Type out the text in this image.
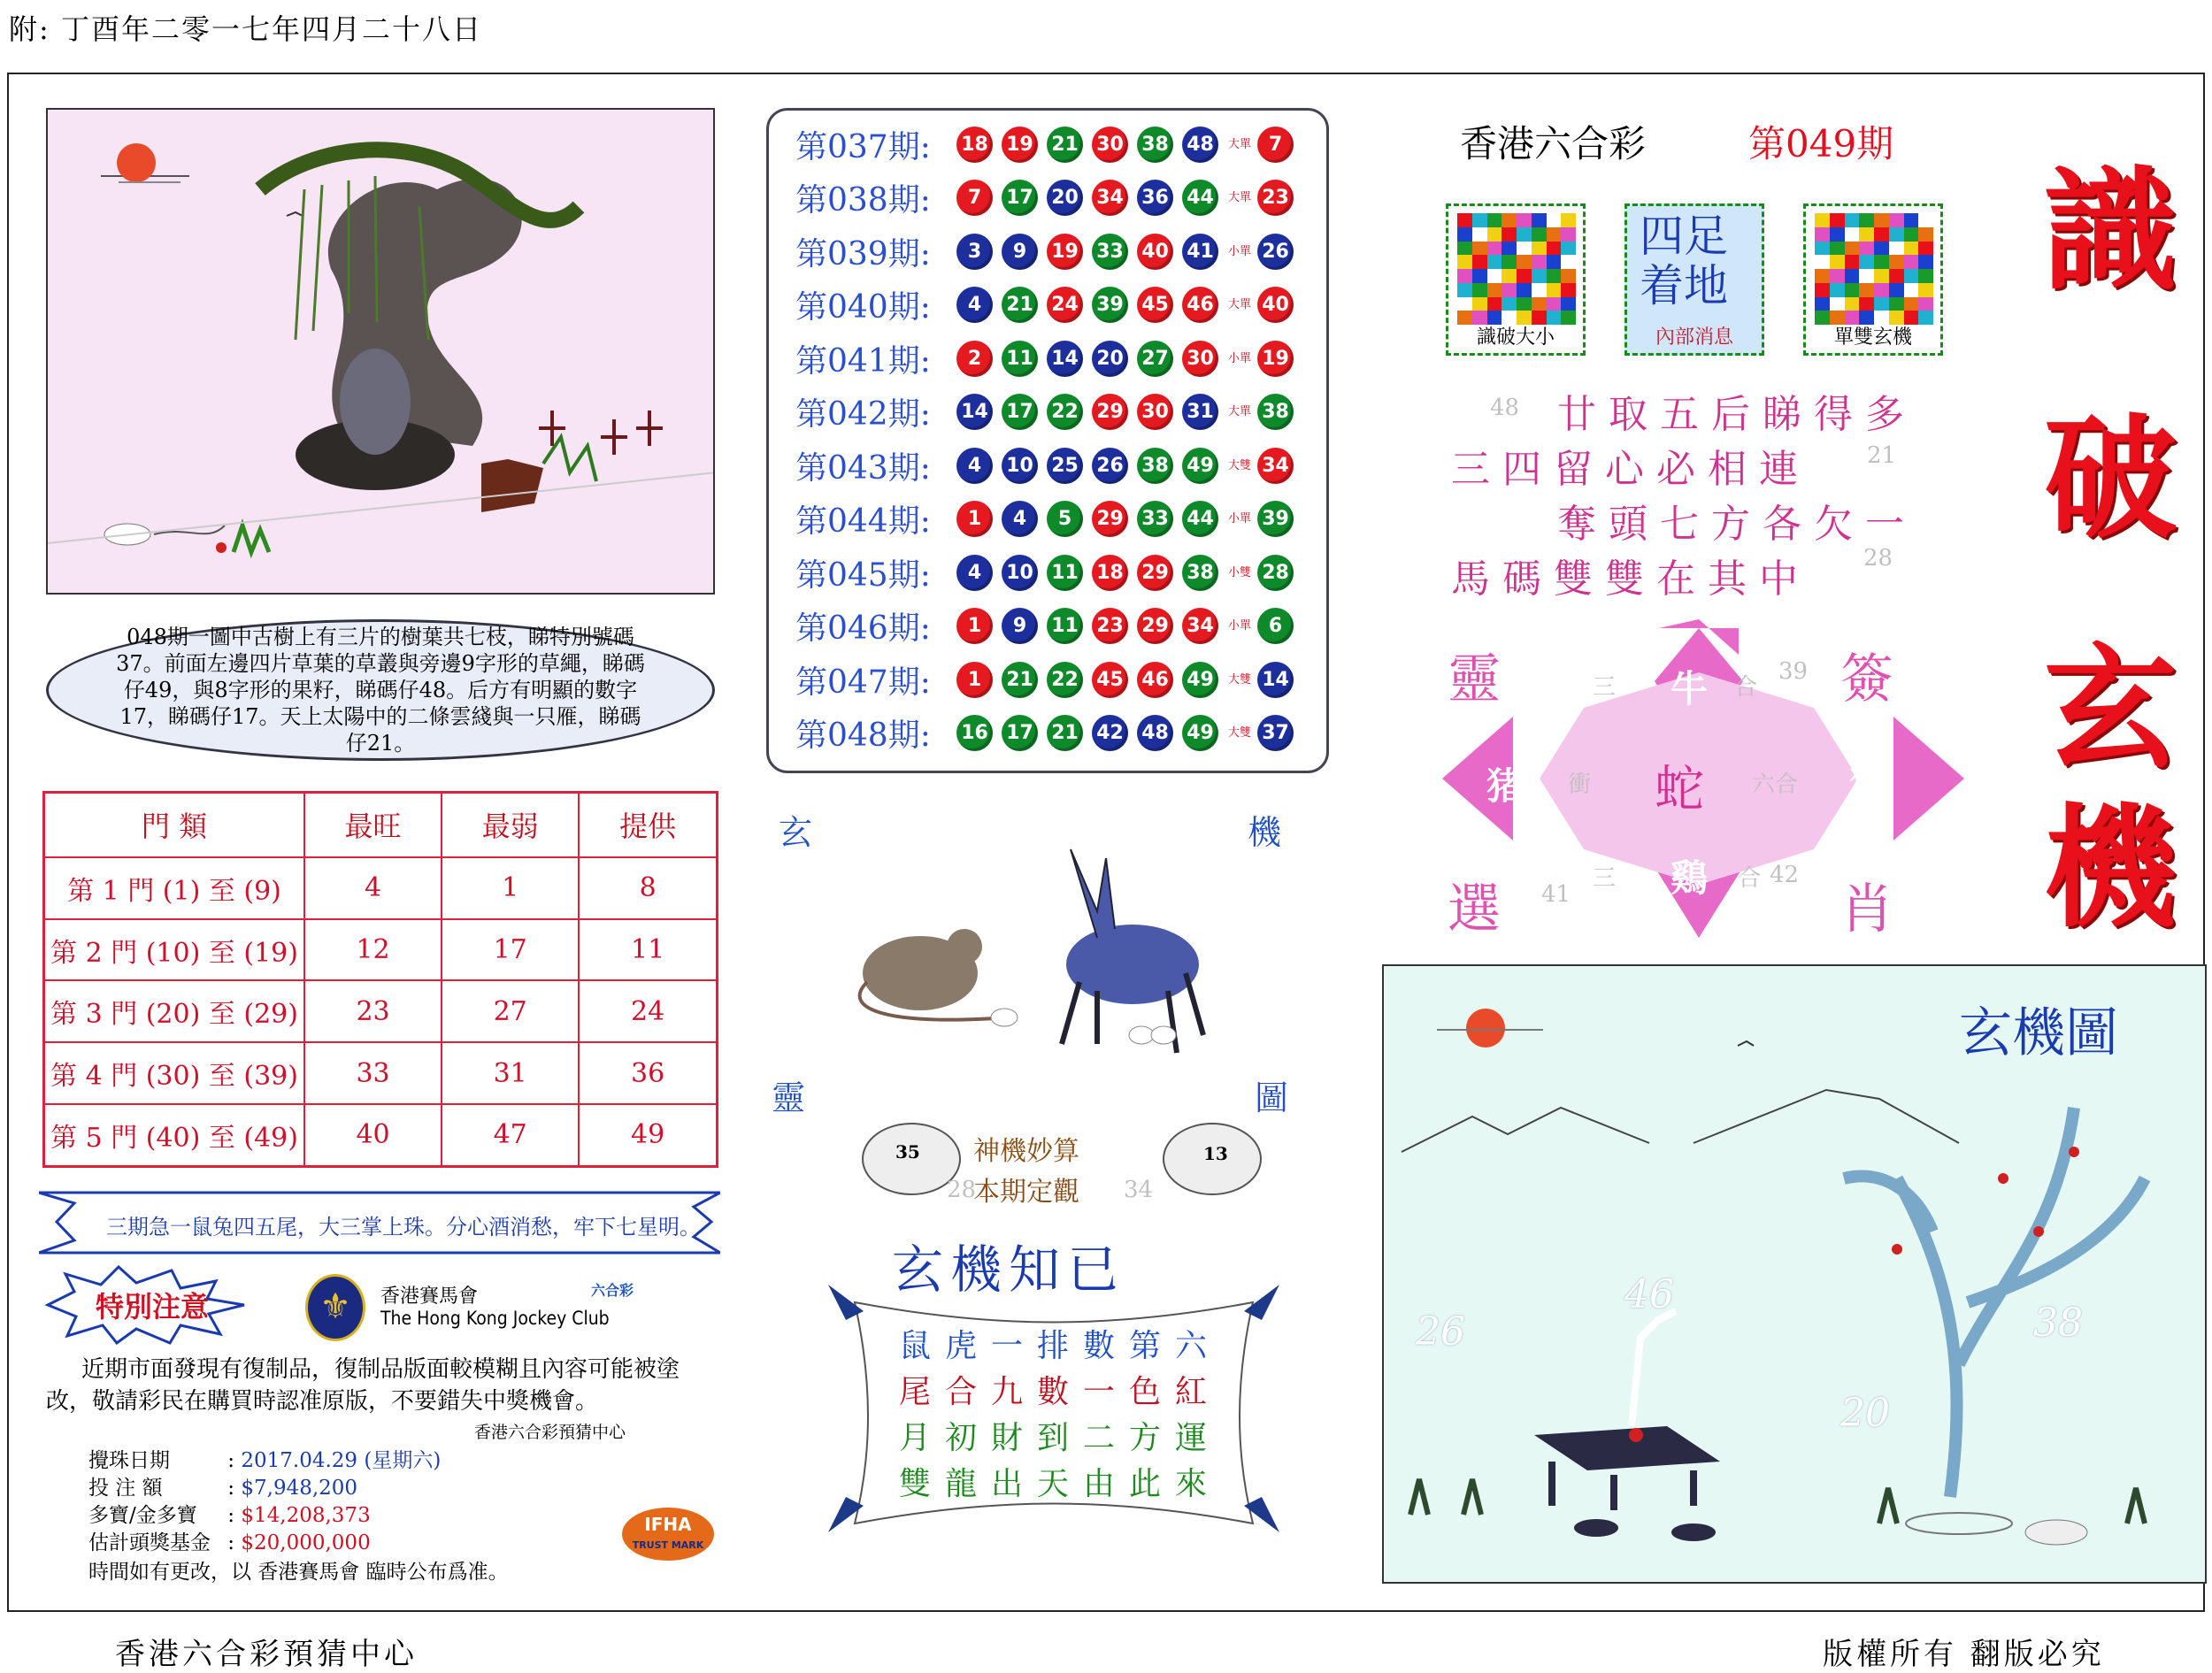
附: 丁酉年二零一七年四月二十八日
香港六合彩預猜中心	版權所有 翻版必究
048期一圖中古樹上有三片的樹葉共七枝，睇特別號碼37。前面左邊四片草葉的草叢與旁邊9字形的草繩，睇碼仔49，與8字形的果籽，睇碼仔48。后方有明顯的數字17，睇碼仔17。天上太陽中的二條雲綫與一只雁，睇碼仔21。
門 類	最旺	最弱	提供
第 1 門 (1) 至 (9)	4	1	8
第 2 門 (10) 至 (19)	12	17	11
第 3 門 (20) 至 (29)	23	27	24
第 4 門 (30) 至 (39)	33	31	36
第 5 門 (40) 至 (49)	40	47	49
三期急一鼠兔四五尾，大三掌上珠。分心酒消愁，牢下七星明。
特別注意	⚜	香港賽馬會
The Hong Kong Jockey Club
六合彩
近期市面發現有復制品，復制品版面較模糊且內容可能被塗改，敬請彩民在購買時認准原版，不要錯失中獎機會。
香港六合彩預猜中心
攪珠日期	: 2017.04.29 (星期六)
投 注 額	: $7,948,200
多寶/金多寶 : $14,208,373
估計頭獎基金 : $20,000,000
時間如有更改，以 香港賽馬會 臨時公布爲准。
IFHA
TRUST MARK
第037期:	18 19 21 30 38 48	大單 7
第038期:	7	17 20 34 36 44	大單 23
第039期:	3	9	19 33 40 41	小單 26
第040期:	4	21 24 39 45 46	大單 40
第041期:	2	11 14 20 27 30	小單 19
第042期:	14 17 22 29 30 31	大單 38
第043期:	4	10 25 26 38 49	大雙 34
第044期:	1	4	5	29 33 44	小單 39
第045期:	4	10 11 18 29 38	小雙 28
第046期:	1	9	11 23 29 34	小單 6
第047期:	1	21 22 45 46 49	大雙 14
第048期:	16 17 21 42 48 49	大雙 37
玄	機
靈	圖
35	13
28	34
神機妙算
本期定觀
玄機知已
鼠虎一排數第六
尾合九數一色紅
月初財到二方運
雙龍出天由此來
香港六合彩	第049期
識
破
玄
機
識破大小
四足
着地
內部消息	單雙玄機
廿取五后睇得多
三四留心必相連
奪頭七方各欠一
馬碼雙雙在其中
48
21
28
牛
猪	猴
鷄
蛇
靈	簽
選	肖
三	合
39
衝	六合
三	合
41
42
玄機圖
26
46
38
20
